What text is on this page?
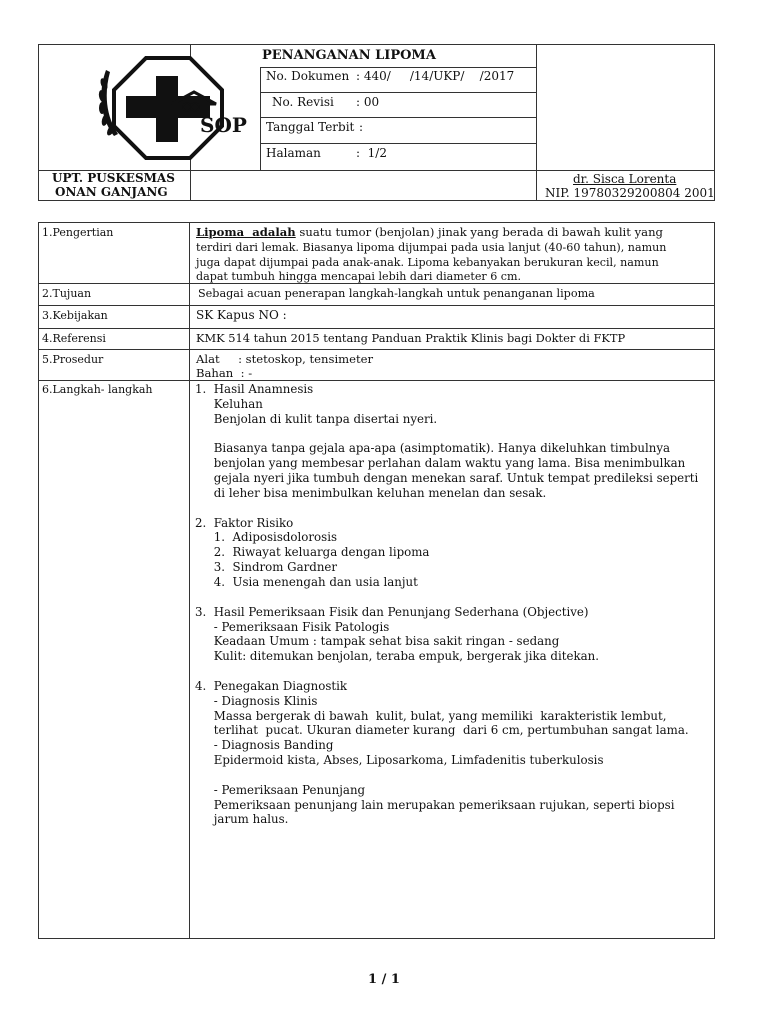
SOP
PENANGANAN LIPOMA
No. Dokumen : 440/     /14/UKP/    /2017
No. Revisi : 00
Tanggal Terbit :
Halaman	:  1/2
UPT. PUSKESMAS
ONAN GANJANG
dr. Sisca Lorenta
NIP. 19780329200804 2001
1.Pengertian	Lipoma  adalah suatu tumor (benjolan) jinak yang berada di bawah kulit yang
terdiri dari lemak. Biasanya lipoma dijumpai pada usia lanjut (40-60 tahun), namun
juga dapat dijumpai pada anak-anak. Lipoma kebanyakan berukuran kecil, namun
dapat tumbuh hingga mencapai lebih dari diameter 6 cm.
2.Tujuan	Sebagai acuan penerapan langkah-langkah untuk penanganan lipoma
3.Kebijakan	SK Kapus NO :
4.Referensi	KMK 514 tahun 2015 tentang Panduan Praktik Klinis bagi Dokter di FKTP
5.Prosedur	Alat     : stetoskop, tensimeter
Bahan  : -
6.Langkah- langkah	1.  Hasil Anamnesis
Keluhan
Benjolan di kulit tanpa disertai nyeri.
Biasanya tanpa gejala apa-apa (asimptomatik). Hanya dikeluhkan timbulnya
benjolan yang membesar perlahan dalam waktu yang lama. Bisa menimbulkan
gejala nyeri jika tumbuh dengan menekan saraf. Untuk tempat predileksi seperti
di leher bisa menimbulkan keluhan menelan dan sesak.
2.  Faktor Risiko
1.  Adiposisdolorosis
2.  Riwayat keluarga dengan lipoma
3.  Sindrom Gardner
4.  Usia menengah dan usia lanjut
3.  Hasil Pemeriksaan Fisik dan Penunjang Sederhana (Objective)
- Pemeriksaan Fisik Patologis
Keadaan Umum : tampak sehat bisa sakit ringan - sedang
Kulit: ditemukan benjolan, teraba empuk, bergerak jika ditekan.
4.  Penegakan Diagnostik
- Diagnosis Klinis
Massa bergerak di bawah  kulit, bulat, yang memiliki  karakteristik lembut,
terlihat  pucat. Ukuran diameter kurang  dari 6 cm, pertumbuhan sangat lama.
- Diagnosis Banding
Epidermoid kista, Abses, Liposarkoma, Limfadenitis tuberkulosis
- Pemeriksaan Penunjang
Pemeriksaan penunjang lain merupakan pemeriksaan rujukan, seperti biopsi
jarum halus.
1 / 1
